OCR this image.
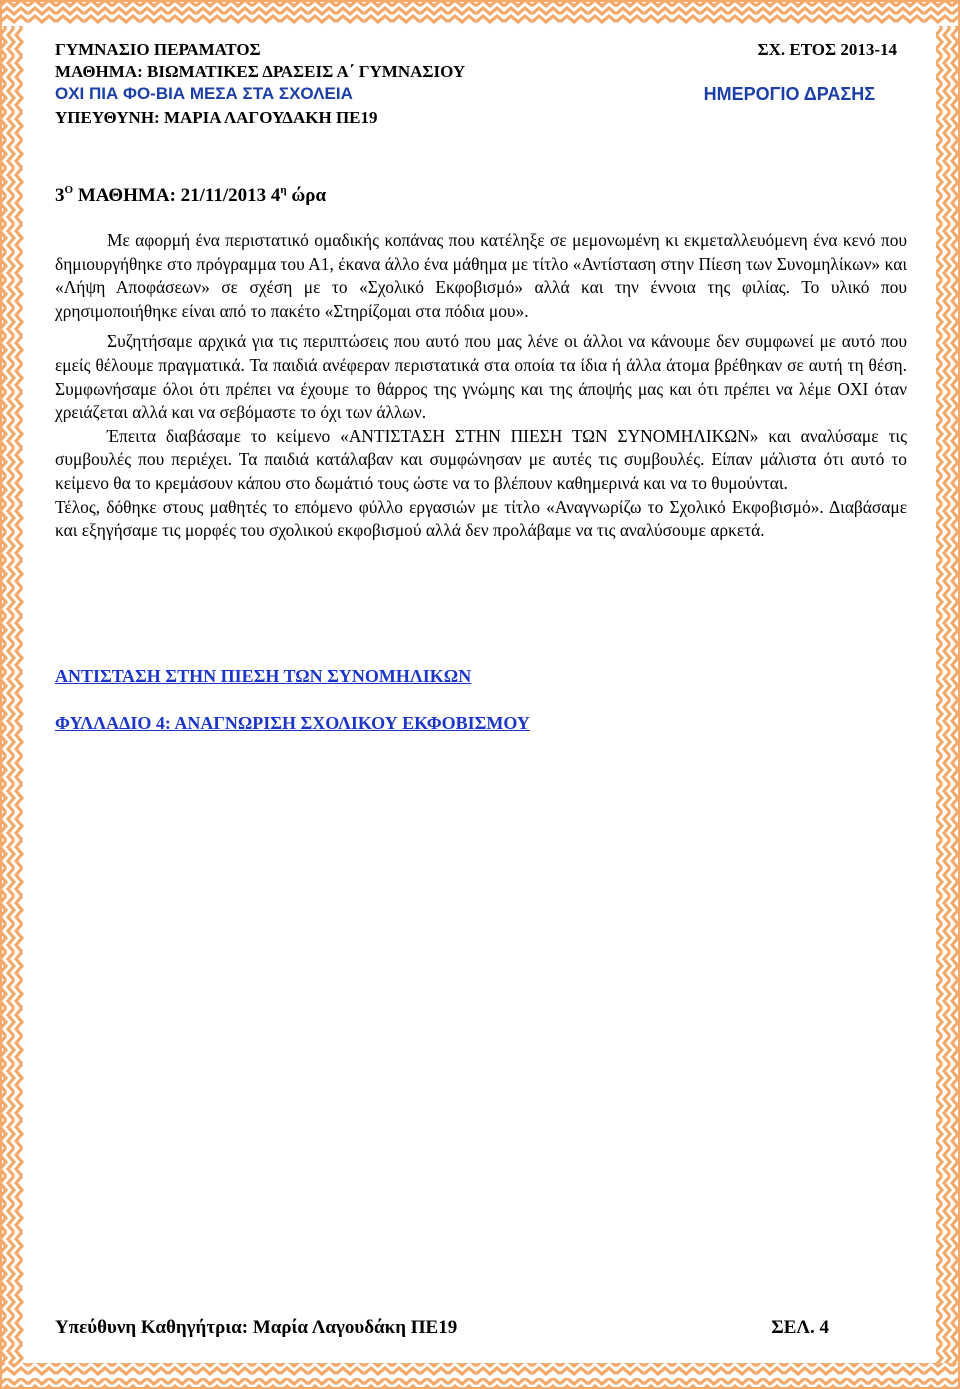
ΓΥΜΝΑΣΙΟ ΠΕΡΑΜΑΤΟΣ	ΣΧ. ΕΤΟΣ 2013-14
ΜΑΘΗΜΑ: ΒΙΩΜΑΤΙΚΕΣ ΔΡΑΣΕΙΣ Α΄ ΓΥΜΝΑΣΙΟΥ
ΟΧΙ ΠΙΑ ΦΟ-ΒΙΑ ΜΕΣΑ ΣΤΑ ΣΧΟΛΕΙΑ	ΗΜΕΡΟΓΙΟ ΔΡΑΣΗΣ
ΥΠΕΥΘΥΝΗ: ΜΑΡΙΑ ΛΑΓΟΥΔΑΚΗ ΠΕ19
$3^O$ ΜΑΘΗΜΑ: 21/11/2013 $4^\eta$ ώρα

Με αφορμή ένα περιστατικό ομαδικής κοπάνας που κατέληξε σε μεμονωμένη κι εκμεταλλευόμενη ένα κενό που δημιουργήθηκε στο πρόγραμμα του Α1, έκανα άλλο ένα μάθημα με τίτλο «Αντίσταση στην Πίεση των Συνομηλίκων» και «Λήψη Αποφάσεων» σε σχέση με το «Σχολικό Εκφοβισμό» αλλά και την έννοια της φιλίας. Το υλικό που χρησιμοποιήθηκε είναι από το πακέτο «Στηρίζομαι στα πόδια μου».

Συζητήσαμε αρχικά για τις περιπτώσεις που αυτό που μας λένε οι άλλοι να κάνουμε δεν συμφωνεί με αυτό που εμείς θέλουμε πραγματικά. Τα παιδιά ανέφεραν περιστατικά στα οποία τα ίδια ή άλλα άτομα βρέθηκαν σε αυτή τη θέση. Συμφωνήσαμε όλοι ότι πρέπει να έχουμε το θάρρος της γνώμης και της άποψής μας και ότι πρέπει να λέμε ΟΧΙ όταν χρειάζεται αλλά και να σεβόμαστε το όχι των άλλων.

Έπειτα διαβάσαμε το κείμενο «ΑΝΤΙΣΤΑΣΗ ΣΤΗΝ ΠΙΕΣΗ ΤΩΝ ΣΥΝΟΜΗΛΙΚΩΝ» και αναλύσαμε τις συμβουλές που περιέχει. Τα παιδιά κατάλαβαν και συμφώνησαν με αυτές τις συμβουλές. Είπαν μάλιστα ότι αυτό το κείμενο θα το κρεμάσουν κάπου στο δωμάτιό τους ώστε να το βλέπουν καθημερινά και να το θυμούνται.

Τέλος, δόθηκε στους μαθητές το επόμενο φύλλο εργασιών με τίτλο «Αναγνωρίζω το Σχολικό Εκφοβισμό». Διαβάσαμε και εξηγήσαμε τις μορφές του σχολικού εκφοβισμού αλλά δεν προλάβαμε να τις αναλύσουμε αρκετά.

ΑΝΤΙΣΤΑΣΗ ΣΤΗΝ ΠΙΕΣΗ ΤΩΝ ΣΥΝΟΜΗΛΙΚΩΝ
ΦΥΛΛΑΔΙΟ 4: ΑΝΑΓΝΩΡΙΣΗ ΣΧΟΛΙΚΟΥ ΕΚΦΟΒΙΣΜΟΥ
Υπεύθυνη Καθηγήτρια: Μαρία Λαγουδάκη ΠΕ19	ΣΕΛ. 4
